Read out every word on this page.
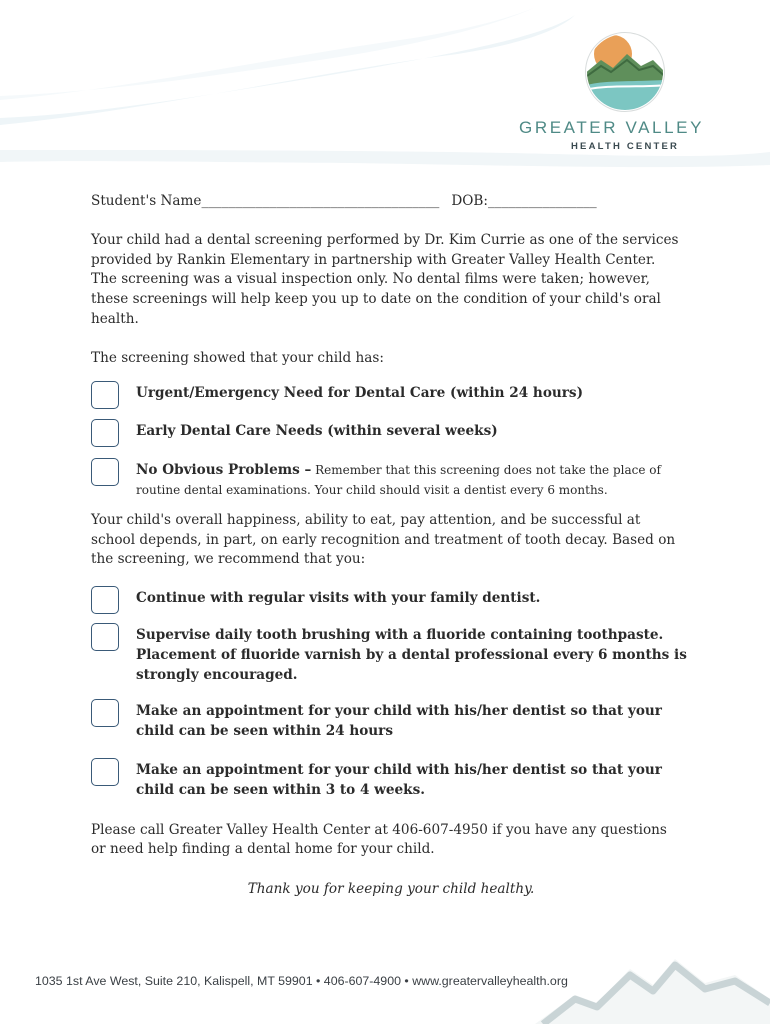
GREATER VALLEY
HEALTH CENTER
Student's Name___________________________________ DOB:________________
Your child had a dental screening performed by Dr. Kim Currie as one of the services
provided by Rankin Elementary in partnership with Greater Valley Health Center.
The screening was a visual inspection only. No dental films were taken; however,
these screenings will help keep you up to date on the condition of your child's oral
health.
The screening showed that your child has:
Urgent/Emergency Need for Dental Care (within 24 hours)
Early Dental Care Needs (within several weeks)
No Obvious Problems – Remember that this screening does not take the place of
routine dental examinations. Your child should visit a dentist every 6 months.
Your child's overall happiness, ability to eat, pay attention, and be successful at
school depends, in part, on early recognition and treatment of tooth decay. Based on
the screening, we recommend that you:
Continue with regular visits with your family dentist.
Supervise daily tooth brushing with a fluoride containing toothpaste.
Placement of fluoride varnish by a dental professional every 6 months is
strongly encouraged.
Make an appointment for your child with his/her dentist so that your
child can be seen within 24 hours
Make an appointment for your child with his/her dentist so that your
child can be seen within 3 to 4 weeks.
Please call Greater Valley Health Center at 406-607-4950 if you have any questions
or need help finding a dental home for your child.
Thank you for keeping your child healthy.
1035 1st Ave West, Suite 210, Kalispell, MT 59901 • 406-607-4900 • www.greatervalleyhealth.org
